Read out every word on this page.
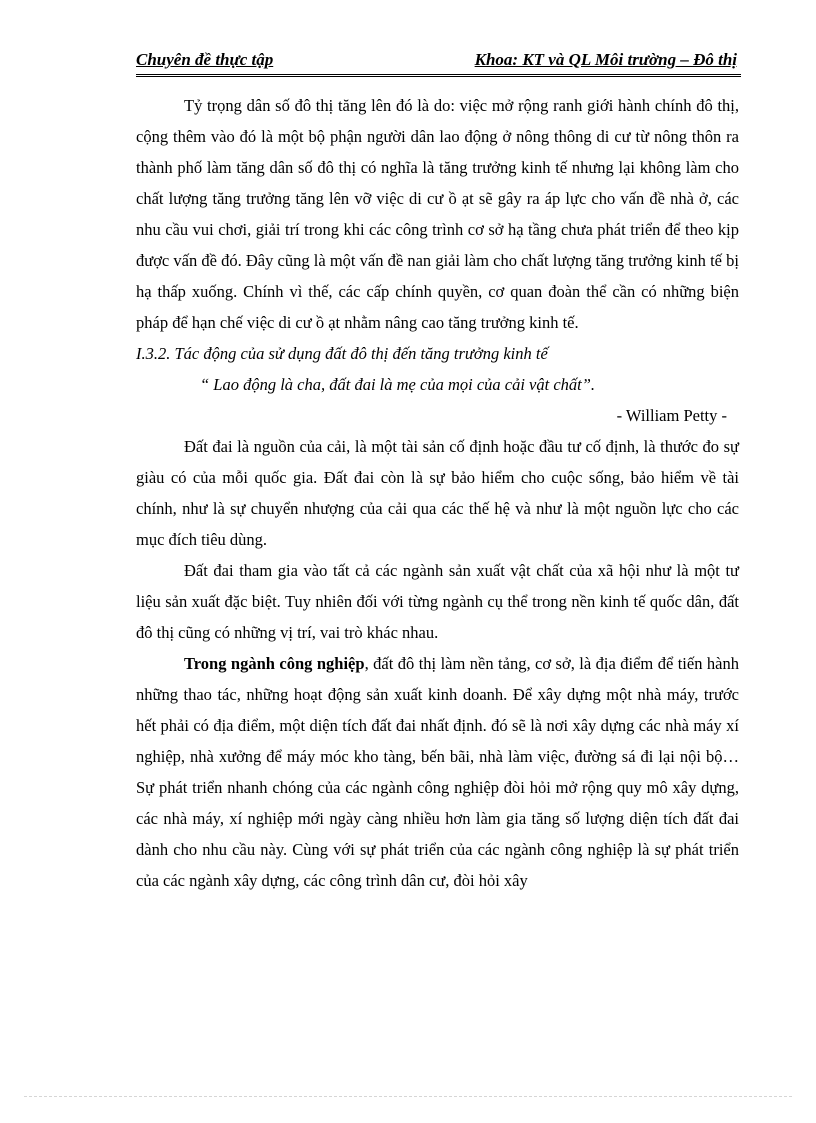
Chuyên đề thực tập	Khoa: KT và QL Môi trường – Đô thị

Tỷ trọng dân số đô thị tăng lên đó là do: việc mở rộng ranh giới hành chính đô thị, cộng thêm vào đó là một bộ phận người dân lao động ở nông thông di cư từ nông thôn ra thành phố làm tăng dân số đô thị có nghĩa là tăng trưởng kinh tế nhưng lại không làm cho chất lượng tăng trưởng tăng lên vỡ việc di cư ồ ạt sẽ gây ra áp lực cho vấn đề nhà ở, các nhu cầu vui chơi, giải trí trong khi các công trình cơ sở hạ tầng chưa phát triển để theo kịp được vấn đề đó. Đây cũng là một vấn đề nan giải làm cho chất lượng tăng trưởng kinh tế bị hạ thấp xuống. Chính vì thế, các cấp chính quyền, cơ quan đoàn thể cần có những biện pháp để hạn chế việc di cư ồ ạt nhằm nâng cao tăng trưởng kinh tế.

I.3.2. Tác động của sử dụng đất đô thị đến tăng trưởng kinh tế

“ Lao động là cha, đất đai là mẹ của mọi của cải vật chất”.

- William Petty -

Đất đai là nguồn của cải, là một tài sản cố định hoặc đầu tư cố định, là thước đo sự giàu có của mỗi quốc gia. Đất đai còn là sự bảo hiểm cho cuộc sống, bảo hiểm về tài chính, như là sự chuyển nhượng của cải qua các thế hệ và như là một nguồn lực cho các mục đích tiêu dùng.

Đất đai tham gia vào tất cả các ngành sản xuất vật chất của xã hội như là một tư liệu sản xuất đặc biệt. Tuy nhiên đối với từng ngành cụ thể trong nền kinh tế quốc dân, đất đô thị cũng có những vị trí, vai trò khác nhau.

Trong ngành công nghiệp, đất đô thị làm nền tảng, cơ sở, là địa điểm để tiến hành những thao tác, những hoạt động sản xuất kinh doanh. Để xây dựng một nhà máy, trước hết phải có địa điểm, một diện tích đất đai nhất định. đó sẽ là nơi xây dựng các nhà máy xí nghiệp, nhà xưởng để máy móc kho tàng, bến bãi, nhà làm việc, đường sá đi lại nội bộ…Sự phát triển nhanh chóng của các ngành công nghiệp đòi hỏi mở rộng quy mô xây dựng, các nhà máy, xí nghiệp mới ngày càng nhiều hơn làm gia tăng số lượng diện tích đất đai dành cho nhu cầu này. Cùng với sự phát triển của các ngành công nghiệp là sự phát triển của các ngành xây dựng, các công trình dân cư, đòi hỏi xây
